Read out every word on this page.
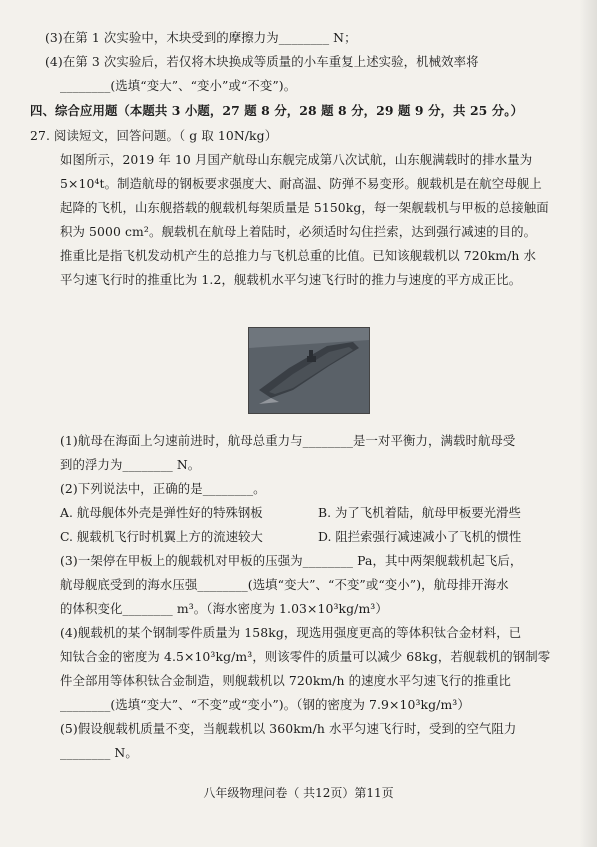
(3)在第 1 次实验中，木块受到的摩擦力为________ N；
(4)在第 3 次实验后，若仅将木块换成等质量的小车重复上述实验，机械效率将
________(选填“变大”、“变小”或“不变”)。
四、综合应用题（本题共 3 小题，27 题 8 分，28 题 8 分，29 题 9 分，共 25 分。）
27. 阅读短文，回答问题。（ g 取 10N/kg）
如图所示，2019 年 10 月国产航母山东舰完成第八次试航，山东舰满载时的排水量为
5×10⁴t。制造航母的钢板要求强度大、耐高温、防弹不易变形。舰载机是在航空母舰上
起降的飞机，山东舰搭载的舰载机每架质量是 5150kg，每一架舰载机与甲板的总接触面
积为 5000 cm²。舰载机在航母上着陆时，必须适时勾住拦索，达到强行减速的目的。
推重比是指飞机发动机产生的总推力与飞机总重的比值。已知该舰载机以 720km/h 水
平匀速飞行时的推重比为 1.2，舰载机水平匀速飞行时的推力与速度的平方成正比。
(1)航母在海面上匀速前进时，航母总重力与________是一对平衡力，满载时航母受
到的浮力为________ N。
(2)下列说法中，正确的是________。
A. 航母舰体外壳是弹性好的特殊钢板	B. 为了飞机着陆，航母甲板要光滑些
C. 舰载机飞行时机翼上方的流速较大	D. 阻拦索强行减速减小了飞机的惯性
(3)一架停在甲板上的舰载机对甲板的压强为________ Pa，其中两架舰载机起飞后，
航母舰底受到的海水压强________(选填“变大”、“不变”或“变小”)，航母排开海水
的体积变化________ m³。（海水密度为 1.03×10³kg/m³）
(4)舰载机的某个钢制零件质量为 158kg，现选用强度更高的等体积钛合金材料，已
知钛合金的密度为 4.5×10³kg/m³，则该零件的质量可以减少 68kg，若舰载机的钢制零
件全部用等体积钛合金制造，则舰载机以 720km/h 的速度水平匀速飞行的推重比
________(选填“变大”、“不变”或“变小”)。（钢的密度为 7.9×10³kg/m³）
(5)假设舰载机质量不变，当舰载机以 360km/h 水平匀速飞行时，受到的空气阻力
________ N。
八年级物理问卷（ 共12页）第11页
